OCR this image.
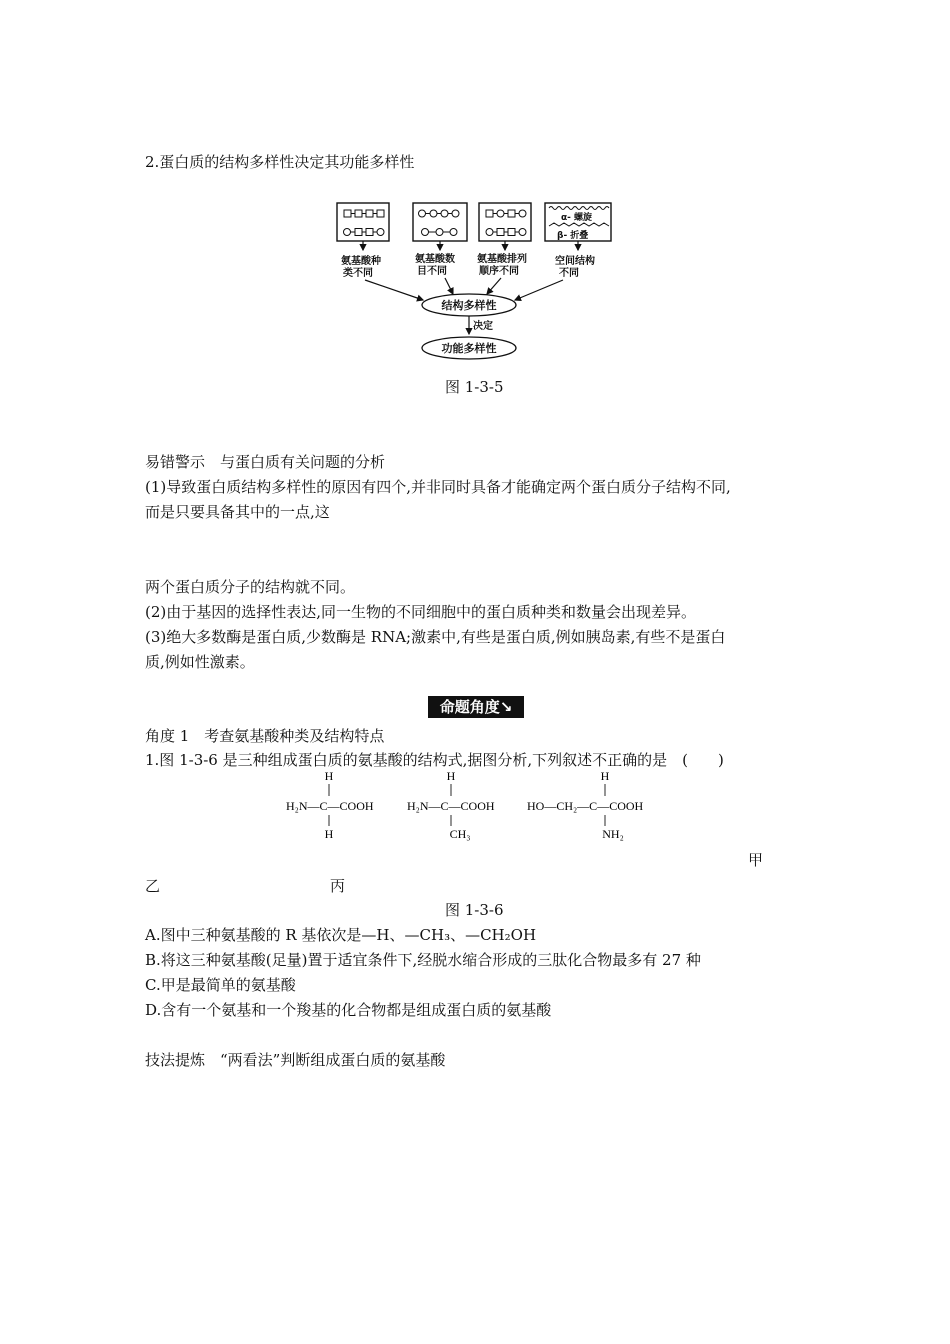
2.蛋白质的结构多样性决定其功能多样性
α- 螺旋
β- 折叠
氨基酸种
类不同
氨基酸数
目不同
氨基酸排列
顺序不同
空间结构
不同
结构多样性
决定
功能多样性
图 1-3-5
易错警示　与蛋白质有关问题的分析
(1)导致蛋白质结构多样性的原因有四个,并非同时具备才能确定两个蛋白质分子结构不同,
而是只要具备其中的一点,这
两个蛋白质分子的结构就不同。
(2)由于基因的选择性表达,同一生物的不同细胞中的蛋白质种类和数量会出现差异。
(3)绝大多数酶是蛋白质,少数酶是 RNA;激素中,有些是蛋白质,例如胰岛素,有些不是蛋白
质,例如性激素。
命题角度↘
角度 1　考查氨基酸种类及结构特点
1.图 1-3-6 是三种组成蛋白质的氨基酸的结构式,据图分析,下列叙述不正确的是　(　　)
H
H₂N—C—COOH
H
H
H₂N—C—COOH
CH₃
H
HO—CH₂—C—COOH
NH₂
甲
乙	丙
图 1-3-6
A.图中三种氨基酸的 R 基依次是—H、—CH₃、—CH₂OH
B.将这三种氨基酸(足量)置于适宜条件下,经脱水缩合形成的三肽化合物最多有 27 种
C.甲是最简单的氨基酸
D.含有一个氨基和一个羧基的化合物都是组成蛋白质的氨基酸
技法提炼　“两看法”判断组成蛋白质的氨基酸
